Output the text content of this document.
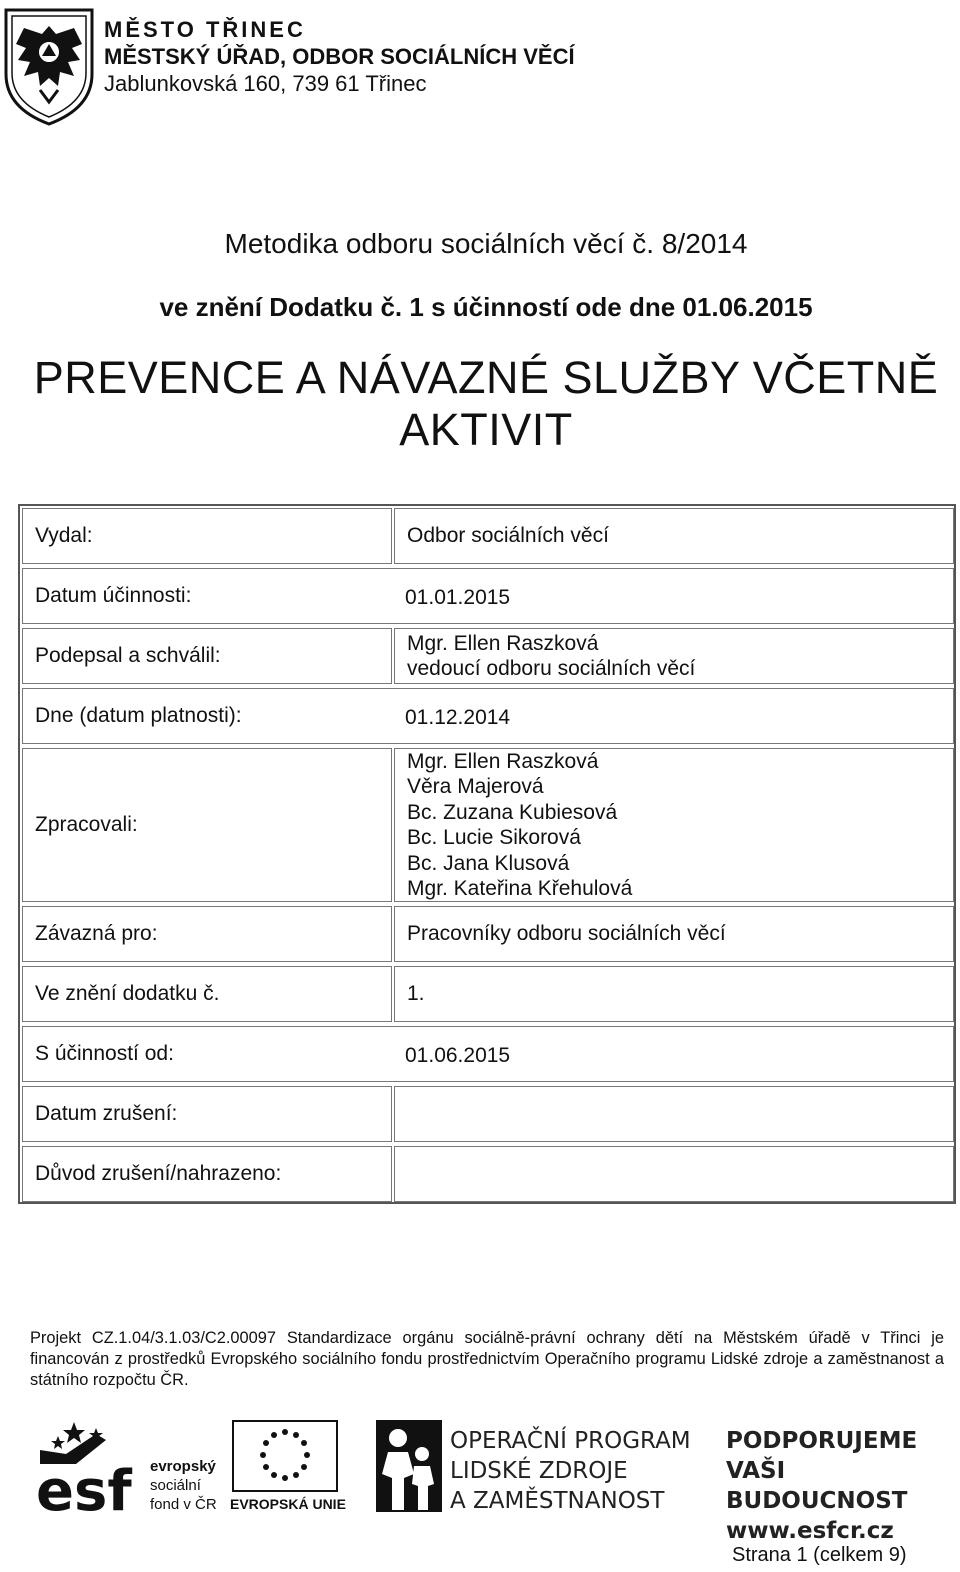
MĚSTO TŘINEC
MĚSTSKÝ ÚŘAD, ODBOR SOCIÁLNÍCH VĚCÍ
Jablunkovská 160, 739 61 Třinec
Metodika odboru sociálních věcí č. 8/2014
ve znění Dodatku č. 1 s účinností ode dne 01.06.2015
PREVENCE A NÁVAZNÉ SLUŽBY VČETNĚ AKTIVIT
Vydal:	Odbor sociálních věcí
Datum účinnosti:	01.01.2015
Podepsal a schválil:
Mgr. Ellen Raszková
vedoucí odboru sociálních věcí
Dne (datum platnosti):	01.12.2014
Zpracovali:
Mgr. Ellen Raszková
Věra Majerová
Bc. Zuzana Kubiesová
Bc. Lucie Sikorová
Bc. Jana Klusová
Mgr. Kateřina Křehulová
Závazná pro:	Pracovníky odboru sociálních věcí
Ve znění dodatku č.	1.
S účinností od:	01.06.2015
Datum zrušení:
Důvod zrušení/nahrazeno:
Projekt CZ.1.04/3.1.03/C2.00097 Standardizace orgánu sociálně-právní ochrany dětí na Městském úřadě v Třinci je financován z prostředků Evropského sociálního fondu prostřednictvím Operačního programu Lidské zdroje a zaměstnanost a státního rozpočtu ČR.
esf evropský
sociální
fond v ČR EVROPSKÁ UNIE
OPERAČNÍ PROGRAM
LIDSKÉ ZDROJE
A ZAMĚSTNANOST
PODPORUJEME
VAŠI BUDOUCNOST
www.esfcr.cz
Strana 1 (celkem 9)
